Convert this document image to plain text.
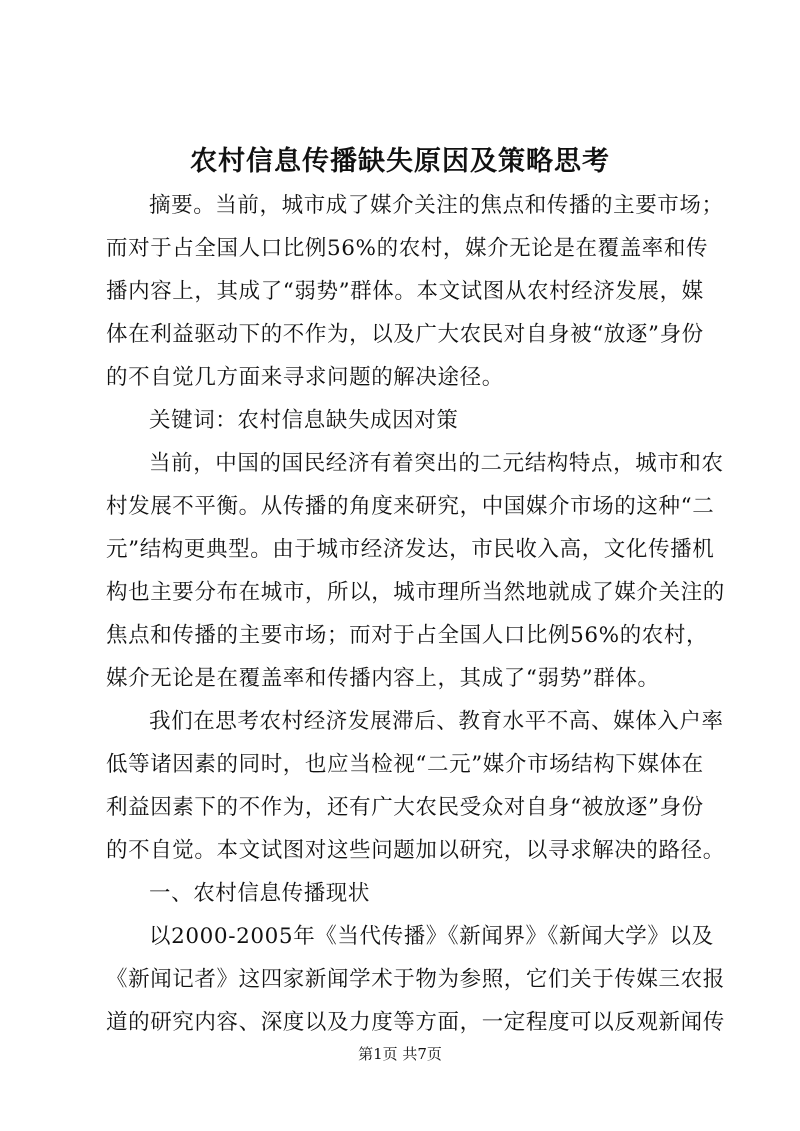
农村信息传播缺失原因及策略思考
摘要。当前，城市成了媒介关注的焦点和传播的主要市场；
而对于占全国人口比例56%的农村，媒介无论是在覆盖率和传
播内容上，其成了“弱势”群体。本文试图从农村经济发展，媒
体在利益驱动下的不作为，以及广大农民对自身被“放逐”身份
的不自觉几方面来寻求问题的解决途径。
关键词：农村信息缺失成因对策
当前，中国的国民经济有着突出的二元结构特点，城市和农
村发展不平衡。从传播的角度来研究，中国媒介市场的这种“二
元”结构更典型。由于城市经济发达，市民收入高，文化传播机
构也主要分布在城市，所以，城市理所当然地就成了媒介关注的
焦点和传播的主要市场；而对于占全国人口比例56%的农村，
媒介无论是在覆盖率和传播内容上，其成了“弱势”群体。
我们在思考农村经济发展滞后、教育水平不高、媒体入户率
低等诸因素的同时，也应当检视“二元”媒介市场结构下媒体在
利益因素下的不作为，还有广大农民受众对自身“被放逐”身份
的不自觉。本文试图对这些问题加以研究，以寻求解决的路径。
一、农村信息传播现状
以2000-2005年《当代传播》《新闻界》《新闻大学》以及
《新闻记者》这四家新闻学术于物为参照，它们关于传媒三农报
道的研究内容、深度以及力度等方面，一定程度可以反观新闻传
第1页 共7页
